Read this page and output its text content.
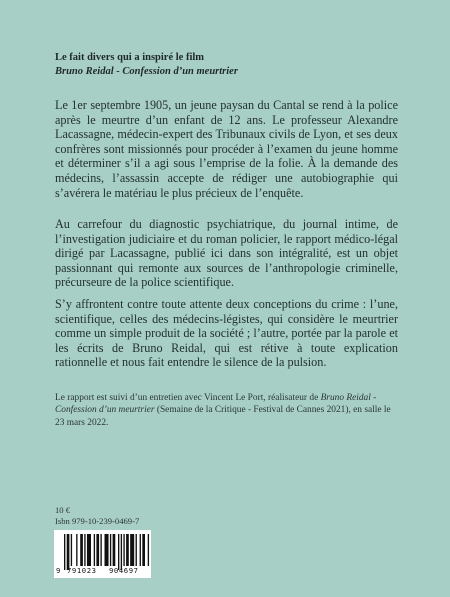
Le fait divers qui a inspiré le film
Bruno Reidal - Confession d’un meurtrier
Le 1er septembre 1905, un jeune paysan du Cantal se rend à la police après le meurtre d’un enfant de 12 ans. Le professeur Alexandre Lacassagne, médecin-expert des Tribunaux civils de Lyon, et ses deux confrères sont missionnés pour procéder à l’examen du jeune homme et déterminer s’il a agi sous l’emprise de la folie. À la demande des médecins, l’assassin accepte de rédiger une autobiographie qui s’avérera le matériau le plus précieux de l’enquête.
Au carrefour du diagnostic psychiatrique, du journal intime, de l’investigation judiciaire et du roman policier, le rapport médico-légal dirigé par Lacassagne, publié ici dans son intégralité, est un objet passionnant qui remonte aux sources de l’anthropologie criminelle, précurseure de la police scientifique.
S’y affrontent contre toute attente deux conceptions du crime : l’une, scientifique, celles des médecins-légistes, qui considère le meurtrier comme un simple produit de la société ; l’autre, portée par la parole et les écrits de Bruno Reidal, qui est rétive à toute explication rationnelle et nous fait entendre le silence de la pulsion.
Le rapport est suivi d’un entretien avec Vincent Le Port, réalisateur de Bruno Reidal - Confession d’un meurtrier (Semaine de la Critique - Festival de Cannes 2021), en salle le 23 mars 2022.
10 €
Isbn 979-10-239-0469-7
9 791023 904697
